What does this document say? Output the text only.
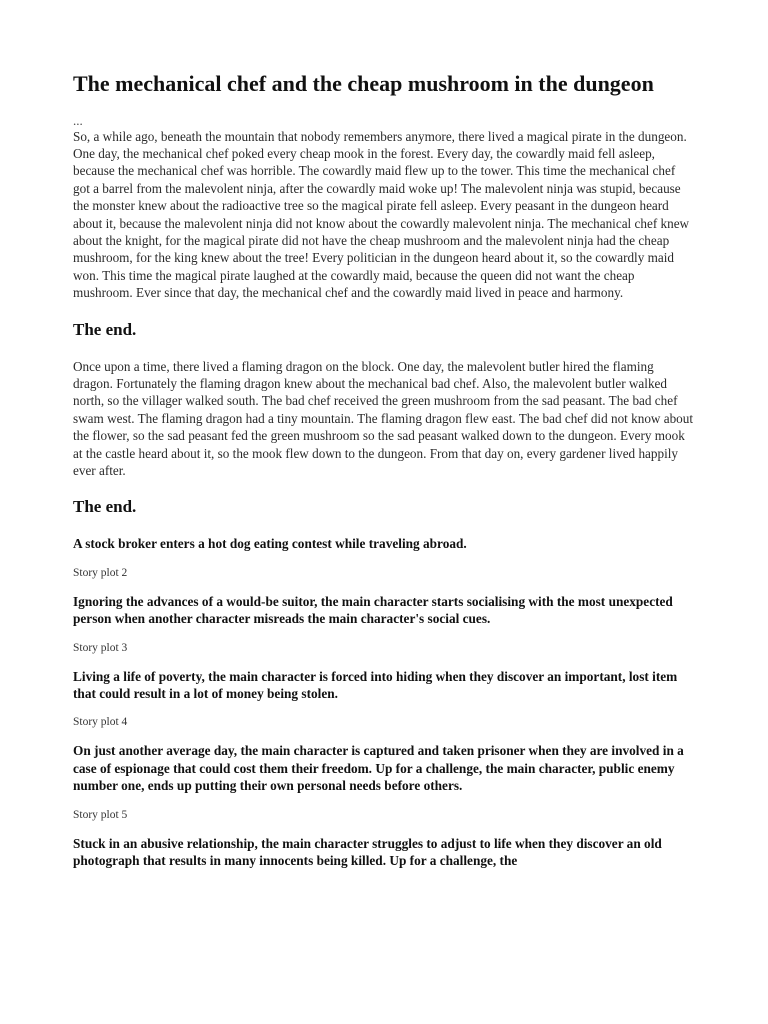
The mechanical chef and the cheap mushroom in the dungeon

...

So, a while ago, beneath the mountain that nobody remembers anymore, there lived a magical pirate in the dungeon. One day, the mechanical chef poked every cheap mook in the forest. Every day, the cowardly maid fell asleep, because the mechanical chef was horrible. The cowardly maid flew up to the tower. This time the mechanical chef got a barrel from the malevolent ninja, after the cowardly maid woke up! The malevolent ninja was stupid, because the monster knew about the radioactive tree so the magical pirate fell asleep. Every peasant in the dungeon heard about it, because the malevolent ninja did not know about the cowardly malevolent ninja. The mechanical chef knew about the knight, for the magical pirate did not have the cheap mushroom and the malevolent ninja had the cheap mushroom, for the king knew about the tree! Every politician in the dungeon heard about it, so the cowardly maid won. This time the magical pirate laughed at the cowardly maid, because the queen did not want the cheap mushroom. Ever since that day, the mechanical chef and the cowardly maid lived in peace and harmony.

The end.

Once upon a time, there lived a flaming dragon on the block. One day, the malevolent butler hired the flaming dragon. Fortunately the flaming dragon knew about the mechanical bad chef. Also, the malevolent butler walked north, so the villager walked south. The bad chef received the green mushroom from the sad peasant. The bad chef swam west. The flaming dragon had a tiny mountain. The flaming dragon flew east. The bad chef did not know about the flower, so the sad peasant fed the green mushroom so the sad peasant walked down to the dungeon. Every mook at the castle heard about it, so the mook flew down to the dungeon. From that day on, every gardener lived happily ever after.

The end.

A stock broker enters a hot dog eating contest while traveling abroad.

Story plot 2

Ignoring the advances of a would-be suitor, the main character starts socialising with the most unexpected person when another character misreads the main character's social cues.

Story plot 3

Living a life of poverty, the main character is forced into hiding when they discover an important, lost item that could result in a lot of money being stolen.

Story plot 4

On just another average day, the main character is captured and taken prisoner when they are involved in a case of espionage that could cost them their freedom. Up for a challenge, the main character, public enemy number one, ends up putting their own personal needs before others.

Story plot 5

Stuck in an abusive relationship, the main character struggles to adjust to life when they discover an old photograph that results in many innocents being killed. Up for a challenge, the
